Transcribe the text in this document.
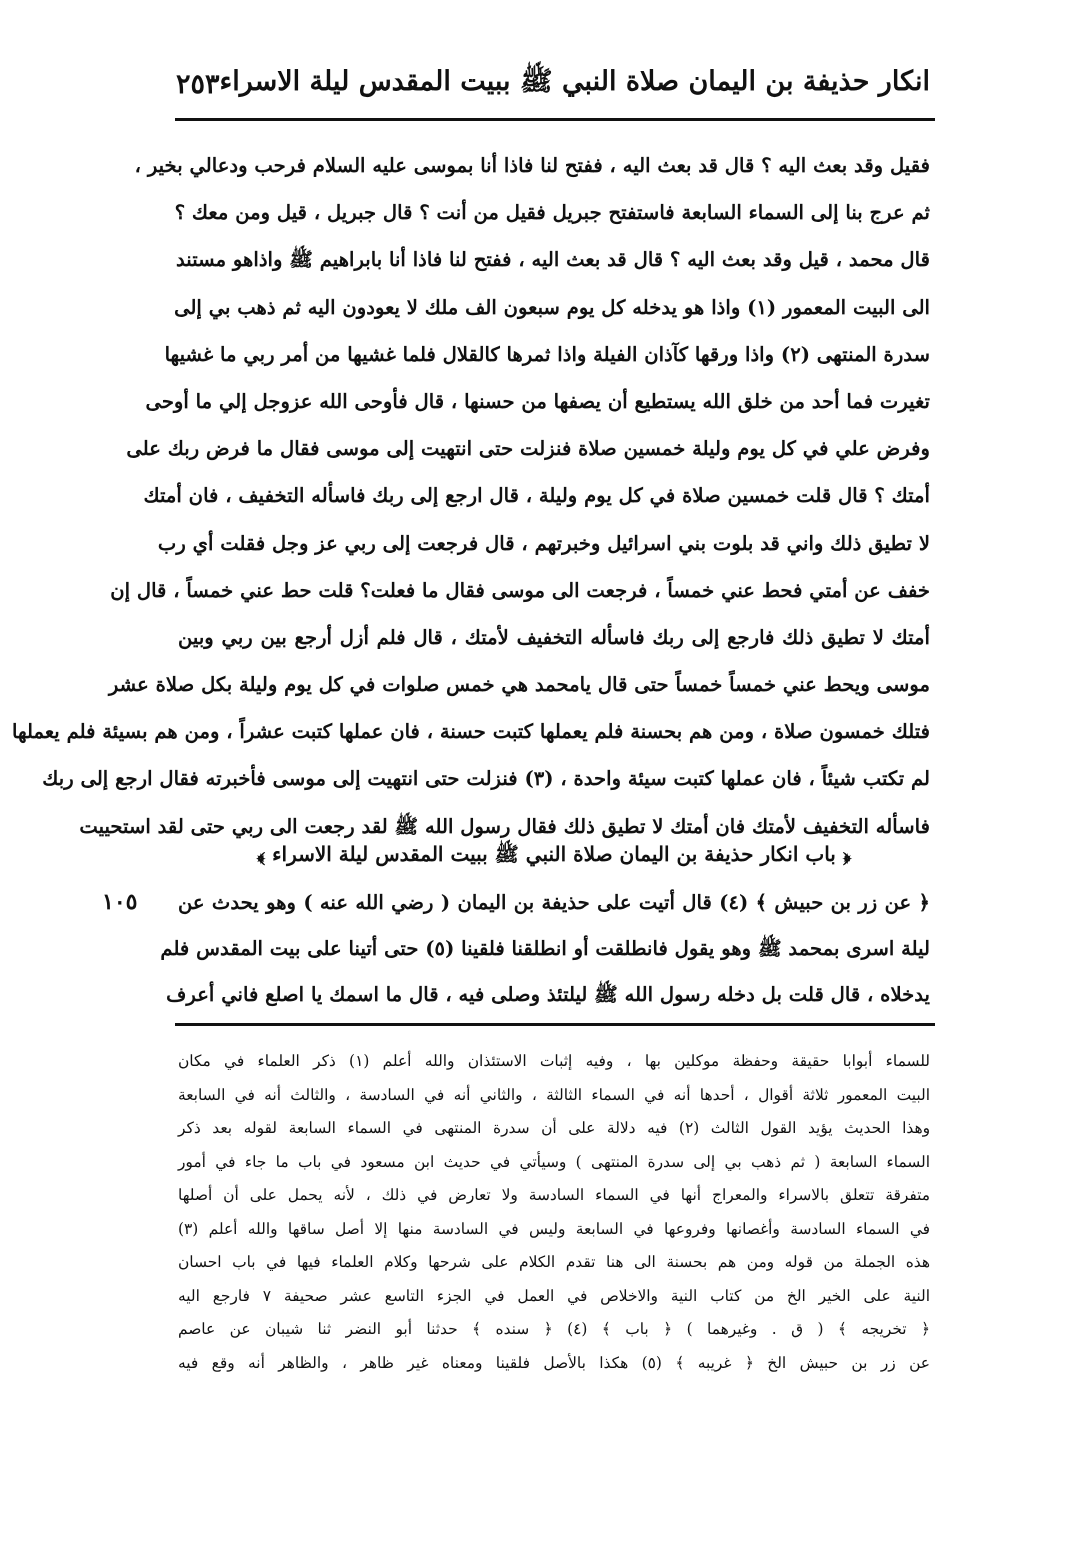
انكار حذيفة بن اليمان صلاة النبي ﷺ ببيت المقدس ليلة الاسراء
٢٥٣
فقيل وقد بعث اليه ؟ قال قد بعث اليه ، ففتح لنا فاذا أنا بموسى عليه السلام فرحب ودعالي بخير ،
ثم عرج بنا إلى السماء السابعة فاستفتح جبريل فقيل من أنت ؟ قال جبريل ، قيل ومن معك ؟
قال محمد ، قيل وقد بعث اليه ؟ قال قد بعث اليه ، ففتح لنا فاذا أنا بابراهيم ﷺ واذاهو مستند
الى البيت المعمور (١) واذا هو يدخله كل يوم سبعون الف ملك لا يعودون اليه ثم ذهب بي إلى
سدرة المنتهى (٢) واذا ورقها كآذان الفيلة واذا ثمرها كالقلال فلما غشيها من أمر ربي ما غشيها
تغيرت فما أحد من خلق الله يستطيع أن يصفها من حسنها ، قال فأوحى الله عزوجل إلي ما أوحى
وفرض علي في كل يوم وليلة خمسين صلاة فنزلت حتى انتهيت إلى موسى فقال ما فرض ربك على
أمتك ؟ قال قلت خمسين صلاة في كل يوم وليلة ، قال ارجع إلى ربك فاسأله التخفيف ، فان أمتك
لا تطيق ذلك واني قد بلوت بني اسرائيل وخبرتهم ، قال فرجعت إلى ربي عز وجل فقلت أي رب
خفف عن أمتي فحط عني خمساً ، فرجعت الى موسى فقال ما فعلت؟ قلت حط عني خمساً ، قال إن
أمتك لا تطيق ذلك فارجع إلى ربك فاسأله التخفيف لأمتك ، قال فلم أزل أرجع بين ربي وبين
موسى ويحط عني خمساً خمساً حتى قال يامحمد هي خمس صلوات في كل يوم وليلة بكل صلاة عشر
فتلك خمسون صلاة ، ومن هم بحسنة فلم يعملها كتبت حسنة ، فان عملها كتبت عشراً ، ومن هم بسيئة فلم يعملها
لم تكتب شيئاً ، فان عملها كتبت سيئة واحدة ، (٣) فنزلت حتى انتهيت إلى موسى فأخبرته فقال ارجع إلى ربك
فاسأله التخفيف لأمتك فان أمتك لا تطيق ذلك فقال رسول الله ﷺ لقد رجعت الى ربي حتى لقد استحييت
﴿ باب انكار حذيفة بن اليمان صلاة النبي ﷺ ببيت المقدس ليلة الاسراء ﴾
١٠٥	﴿ عن زر بن حبيش ﴾ (٤) قال أتيت على حذيفة بن اليمان ( رضي الله عنه ) وهو يحدث عن
ليلة اسرى بمحمد ﷺ وهو يقول فانطلقت أو انطلقنا فلقينا (٥) حتى أتينا على بيت المقدس فلم
يدخلاه ، قال قلت بل دخله رسول الله ﷺ ليلتئذ وصلى فيه ، قال ما اسمك يا اصلع فاني أعرف
للسماء أبوابا حقيقة وحفظة موكلين بها ، وفيه إثبات الاستئذان والله أعلم (١) ذكر العلماء في مكان
البيت المعمور ثلاثة أقوال ، أحدها أنه في السماء الثالثة ، والثاني أنه في السادسة ، والثالث أنه في السابعة
وهذا الحديث يؤيد القول الثالث (٢) فيه دلالة على أن سدرة المنتهى في السماء السابعة لقوله بعد ذكر
السماء السابعة ( ثم ذهب بي إلى سدرة المنتهى ) وسيأتي في حديث ابن مسعود في باب ما جاء في أمور
متفرقة تتعلق بالاسراء والمعراج أنها في السماء السادسة ولا تعارض في ذلك ، لأنه يحمل على أن أصلها
في السماء السادسة وأغصانها وفروعها في السابعة وليس في السادسة منها إلا أصل ساقها والله أعلم (٣)
هذه الجملة من قوله ومن هم بحسنة الى هنا تقدم الكلام على شرحها وكلام العلماء فيها في باب احسان
النية على الخير الخ من كتاب النية والاخلاص في العمل في الجزء التاسع عشر صحيفة ٧ فارجع اليه
﴿ تخريجه ﴾ ( ق . وغيرهما ) ﴿ باب ﴾ (٤) ﴿ سنده ﴾ حدثنا أبو النضر ثنا شيبان عن عاصم
عن زر بن حبيش الخ ﴿ غريبه ﴾ (٥) هكذا بالأصل فلقينا ومعناه غير ظاهر ، والظاهر أنه وقع فيه
